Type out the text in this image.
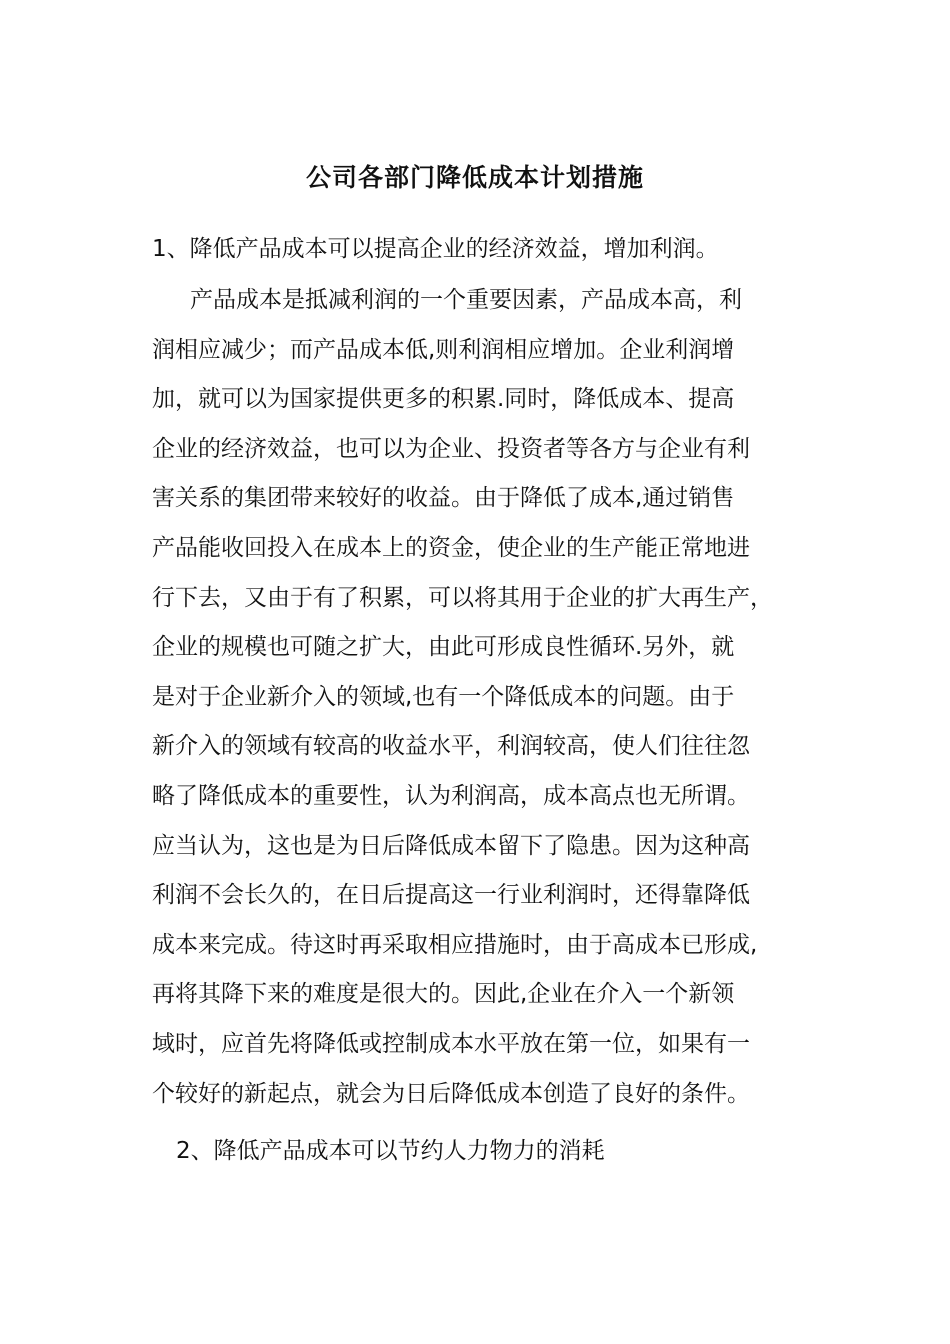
公司各部门降低成本计划措施
1、降低产品成本可以提高企业的经济效益，增加利润。
产品成本是抵减利润的一个重要因素，产品成本高，利
润相应减少；而产品成本低,则利润相应增加。企业利润增
加，就可以为国家提供更多的积累.同时，降低成本、提高
企业的经济效益，也可以为企业、投资者等各方与企业有利
害关系的集团带来较好的收益。由于降低了成本,通过销售
产品能收回投入在成本上的资金，使企业的生产能正常地进
行下去，又由于有了积累，可以将其用于企业的扩大再生产，
企业的规模也可随之扩大，由此可形成良性循环.另外，就
是对于企业新介入的领域,也有一个降低成本的问题。由于
新介入的领域有较高的收益水平，利润较高，使人们往往忽
略了降低成本的重要性，认为利润高，成本高点也无所谓。
应当认为，这也是为日后降低成本留下了隐患。因为这种高
利润不会长久的，在日后提高这一行业利润时，还得靠降低
成本来完成。待这时再采取相应措施时，由于高成本已形成,
再将其降下来的难度是很大的。因此,企业在介入一个新领
域时，应首先将降低或控制成本水平放在第一位，如果有一
个较好的新起点，就会为日后降低成本创造了良好的条件。
2、降低产品成本可以节约人力物力的消耗
